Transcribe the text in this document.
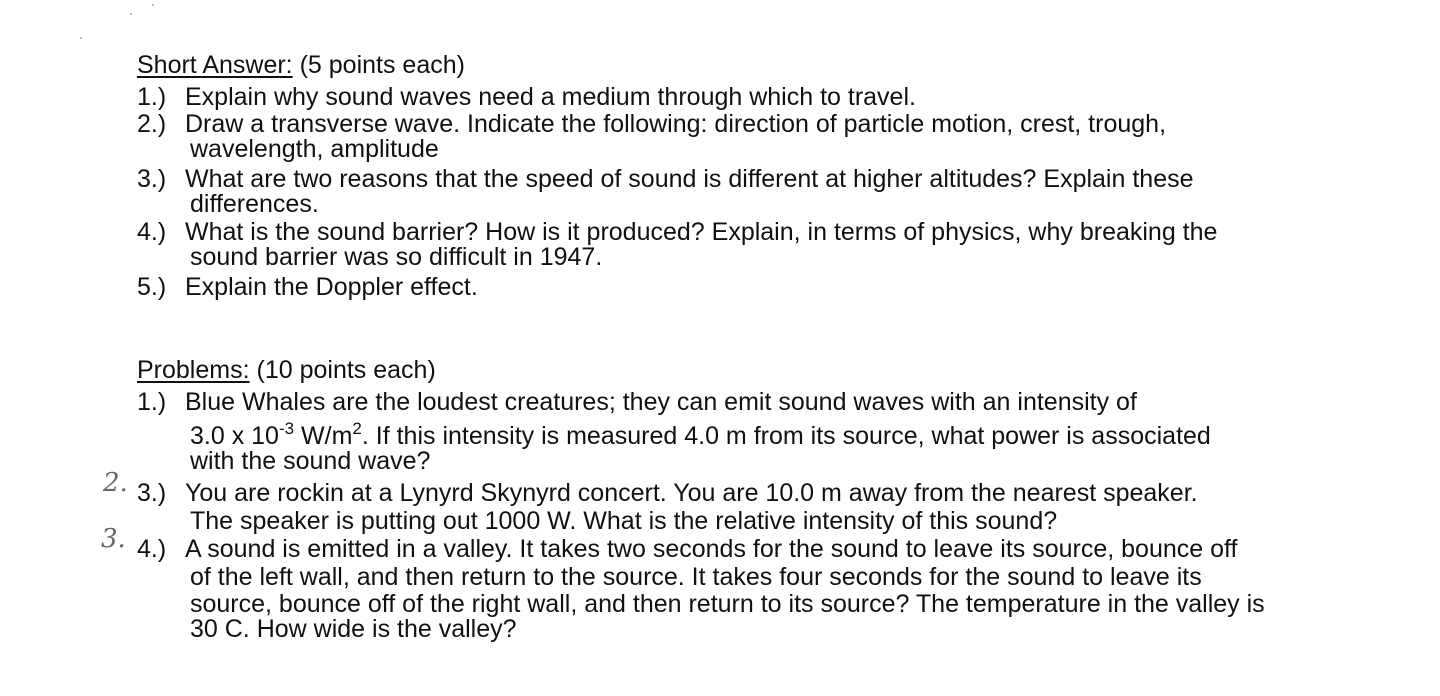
Short Answer: (5 points each)
1.) Explain why sound waves need a medium through which to travel.
2.) Draw a transverse wave. Indicate the following: direction of particle motion, crest, trough,
wavelength, amplitude
3.) What are two reasons that the speed of sound is different at higher altitudes? Explain these
differences.
4.) What is the sound barrier? How is it produced? Explain, in terms of physics, why breaking the
sound barrier was so difficult in 1947.
5.) Explain the Doppler effect.
Problems: (10 points each)
1.) Blue Whales are the loudest creatures; they can emit sound waves with an intensity of
3.0 x $10^{-3}$ $W/m^2$. If this intensity is measured 4.0 m from its source, what power is associated
with the sound wave?
2. 3.) You are rockin at a Lynyrd Skynyrd concert. You are 10.0 m away from the nearest speaker.
The speaker is putting out 1000 W. What is the relative intensity of this sound?
3. 4.) A sound is emitted in a valley. It takes two seconds for the sound to leave its source, bounce off
of the left wall, and then return to the source. It takes four seconds for the sound to leave its
source, bounce off of the right wall, and then return to its source? The temperature in the valley is
30 C. How wide is the valley?
